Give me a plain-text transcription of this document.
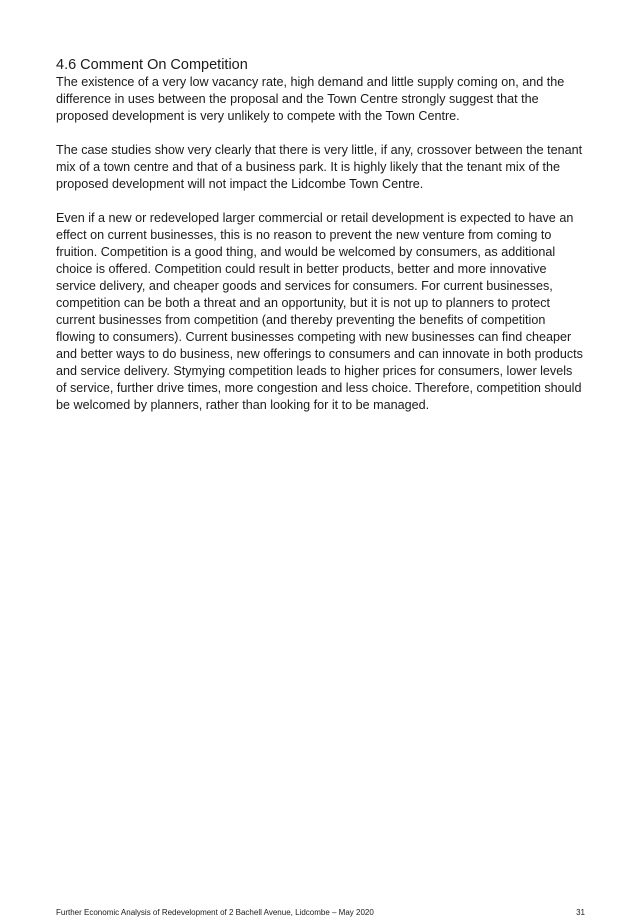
4.6 Comment On Competition

The existence of a very low vacancy rate, high demand and little supply coming on, and the difference in uses between the proposal and the Town Centre strongly suggest that the proposed development is very unlikely to compete with the Town Centre.

The case studies show very clearly that there is very little, if any, crossover between the tenant mix of a town centre and that of a business park. It is highly likely that the tenant mix of the proposed development will not impact the Lidcombe Town Centre.

Even if a new or redeveloped larger commercial or retail development is expected to have an effect on current businesses, this is no reason to prevent the new venture from coming to fruition. Competition is a good thing, and would be welcomed by consumers, as additional choice is offered. Competition could result in better products, better and more innovative service delivery, and cheaper goods and services for consumers. For current businesses, competition can be both a threat and an opportunity, but it is not up to planners to protect current businesses from competition (and thereby preventing the benefits of competition flowing to consumers). Current businesses competing with new businesses can find cheaper and better ways to do business, new offerings to consumers and can innovate in both products and service delivery. Stymying competition leads to higher prices for consumers, lower levels of service, further drive times, more congestion and less choice. Therefore, competition should be welcomed by planners, rather than looking for it to be managed.

Further Economic Analysis of Redevelopment of 2 Bachell Avenue, Lidcombe – May 2020	31
